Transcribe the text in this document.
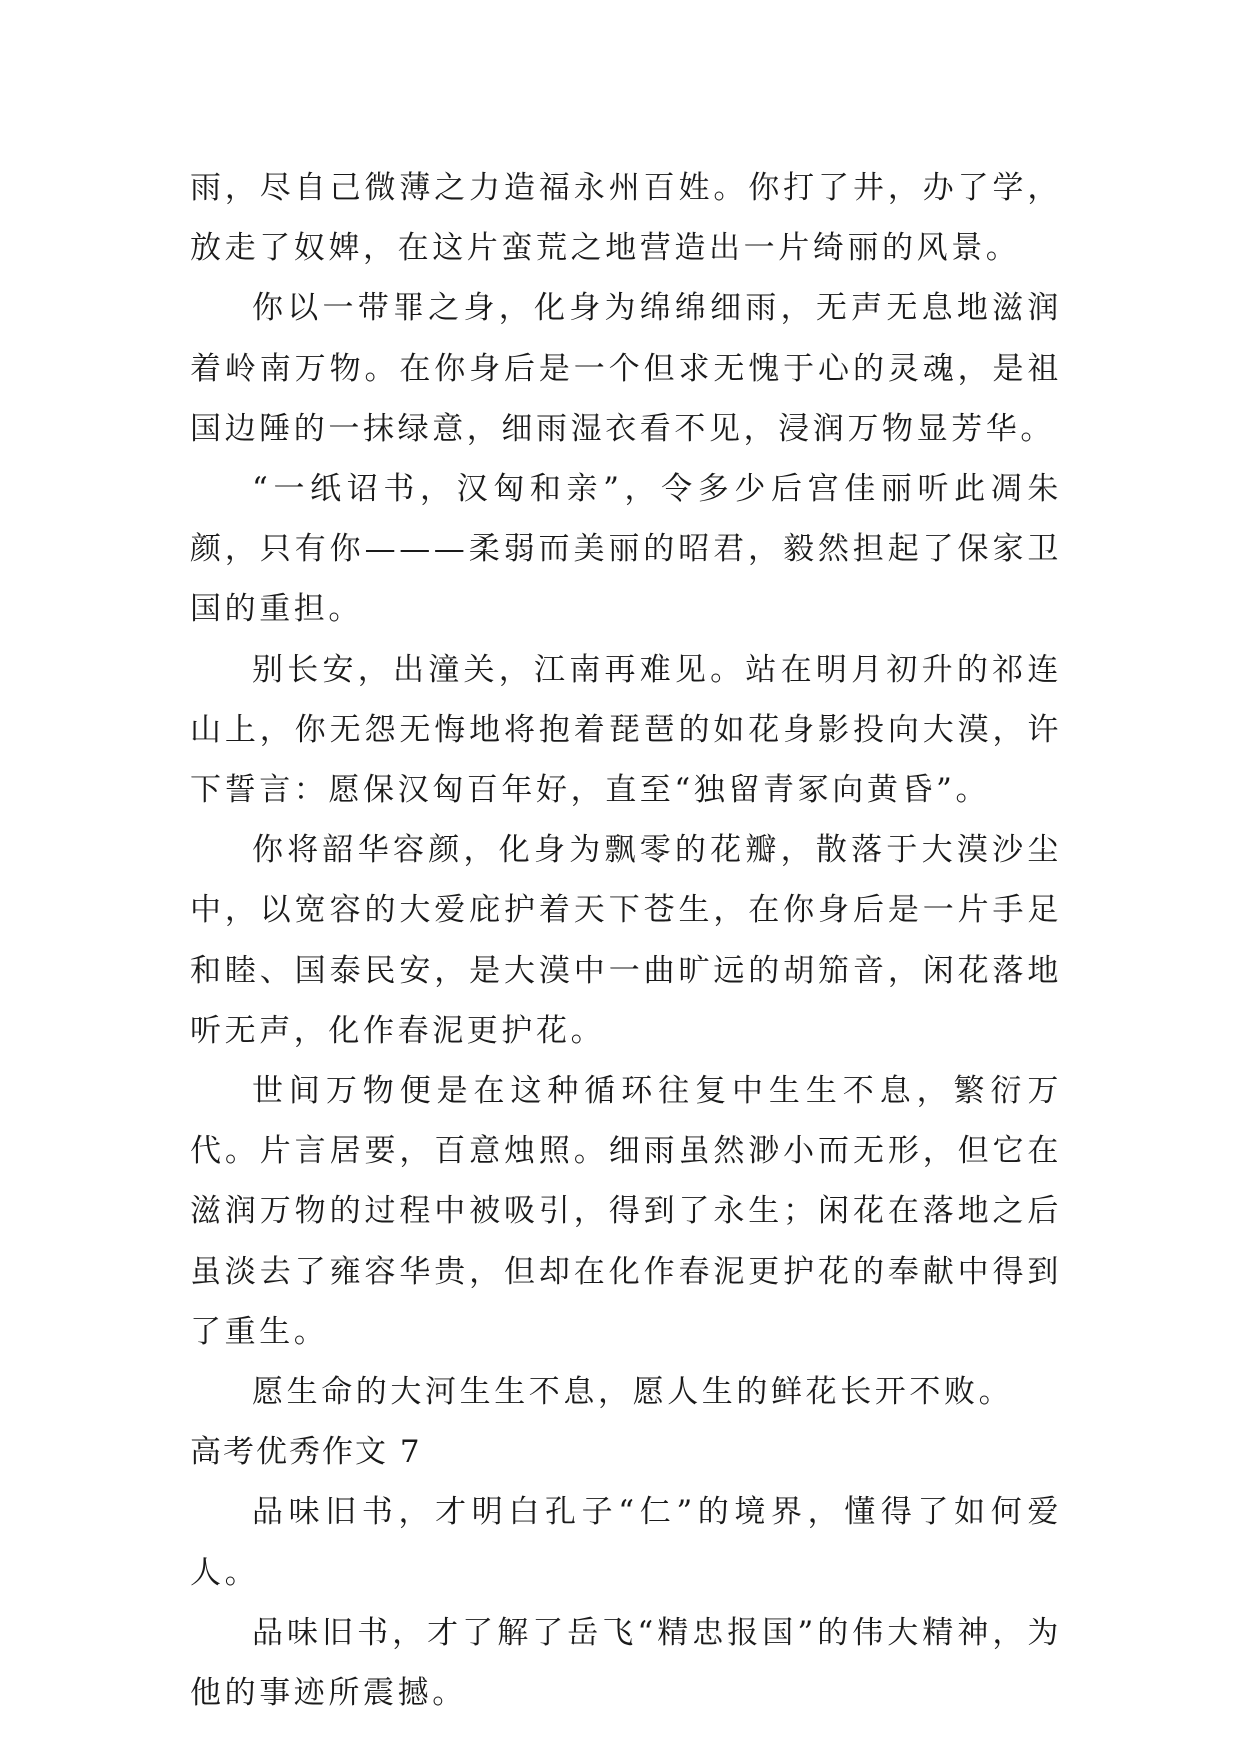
雨，尽自己微薄之力造福永州百姓。你打了井，办了学，放走了奴婢，在这片蛮荒之地营造出一片绮丽的风景。

你以一带罪之身，化身为绵绵细雨，无声无息地滋润着岭南万物。在你身后是一个但求无愧于心的灵魂，是祖国边陲的一抹绿意，细雨湿衣看不见，浸润万物显芳华。

“一纸诏书，汉匈和亲”，令多少后宫佳丽听此凋朱颜，只有你———柔弱而美丽的昭君，毅然担起了保家卫国的重担。

别长安，出潼关，江南再难见。站在明月初升的祁连山上，你无怨无悔地将抱着琵琶的如花身影投向大漠，许下誓言：愿保汉匈百年好，直至“独留青冢向黄昏”。

你将韶华容颜，化身为飘零的花瓣，散落于大漠沙尘中，以宽容的大爱庇护着天下苍生，在你身后是一片手足和睦、国泰民安，是大漠中一曲旷远的胡笳音，闲花落地听无声，化作春泥更护花。

世间万物便是在这种循环往复中生生不息，繁衍万代。片言居要，百意烛照。细雨虽然渺小而无形，但它在滋润万物的过程中被吸引，得到了永生；闲花在落地之后虽淡去了雍容华贵，但却在化作春泥更护花的奉献中得到了重生。

愿生命的大河生生不息，愿人生的鲜花长开不败。

高考优秀作文 7

品味旧书，才明白孔子“仁”的境界，懂得了如何爱人。

品味旧书，才了解了岳飞“精忠报国”的伟大精神，为他的事迹所震撼。
